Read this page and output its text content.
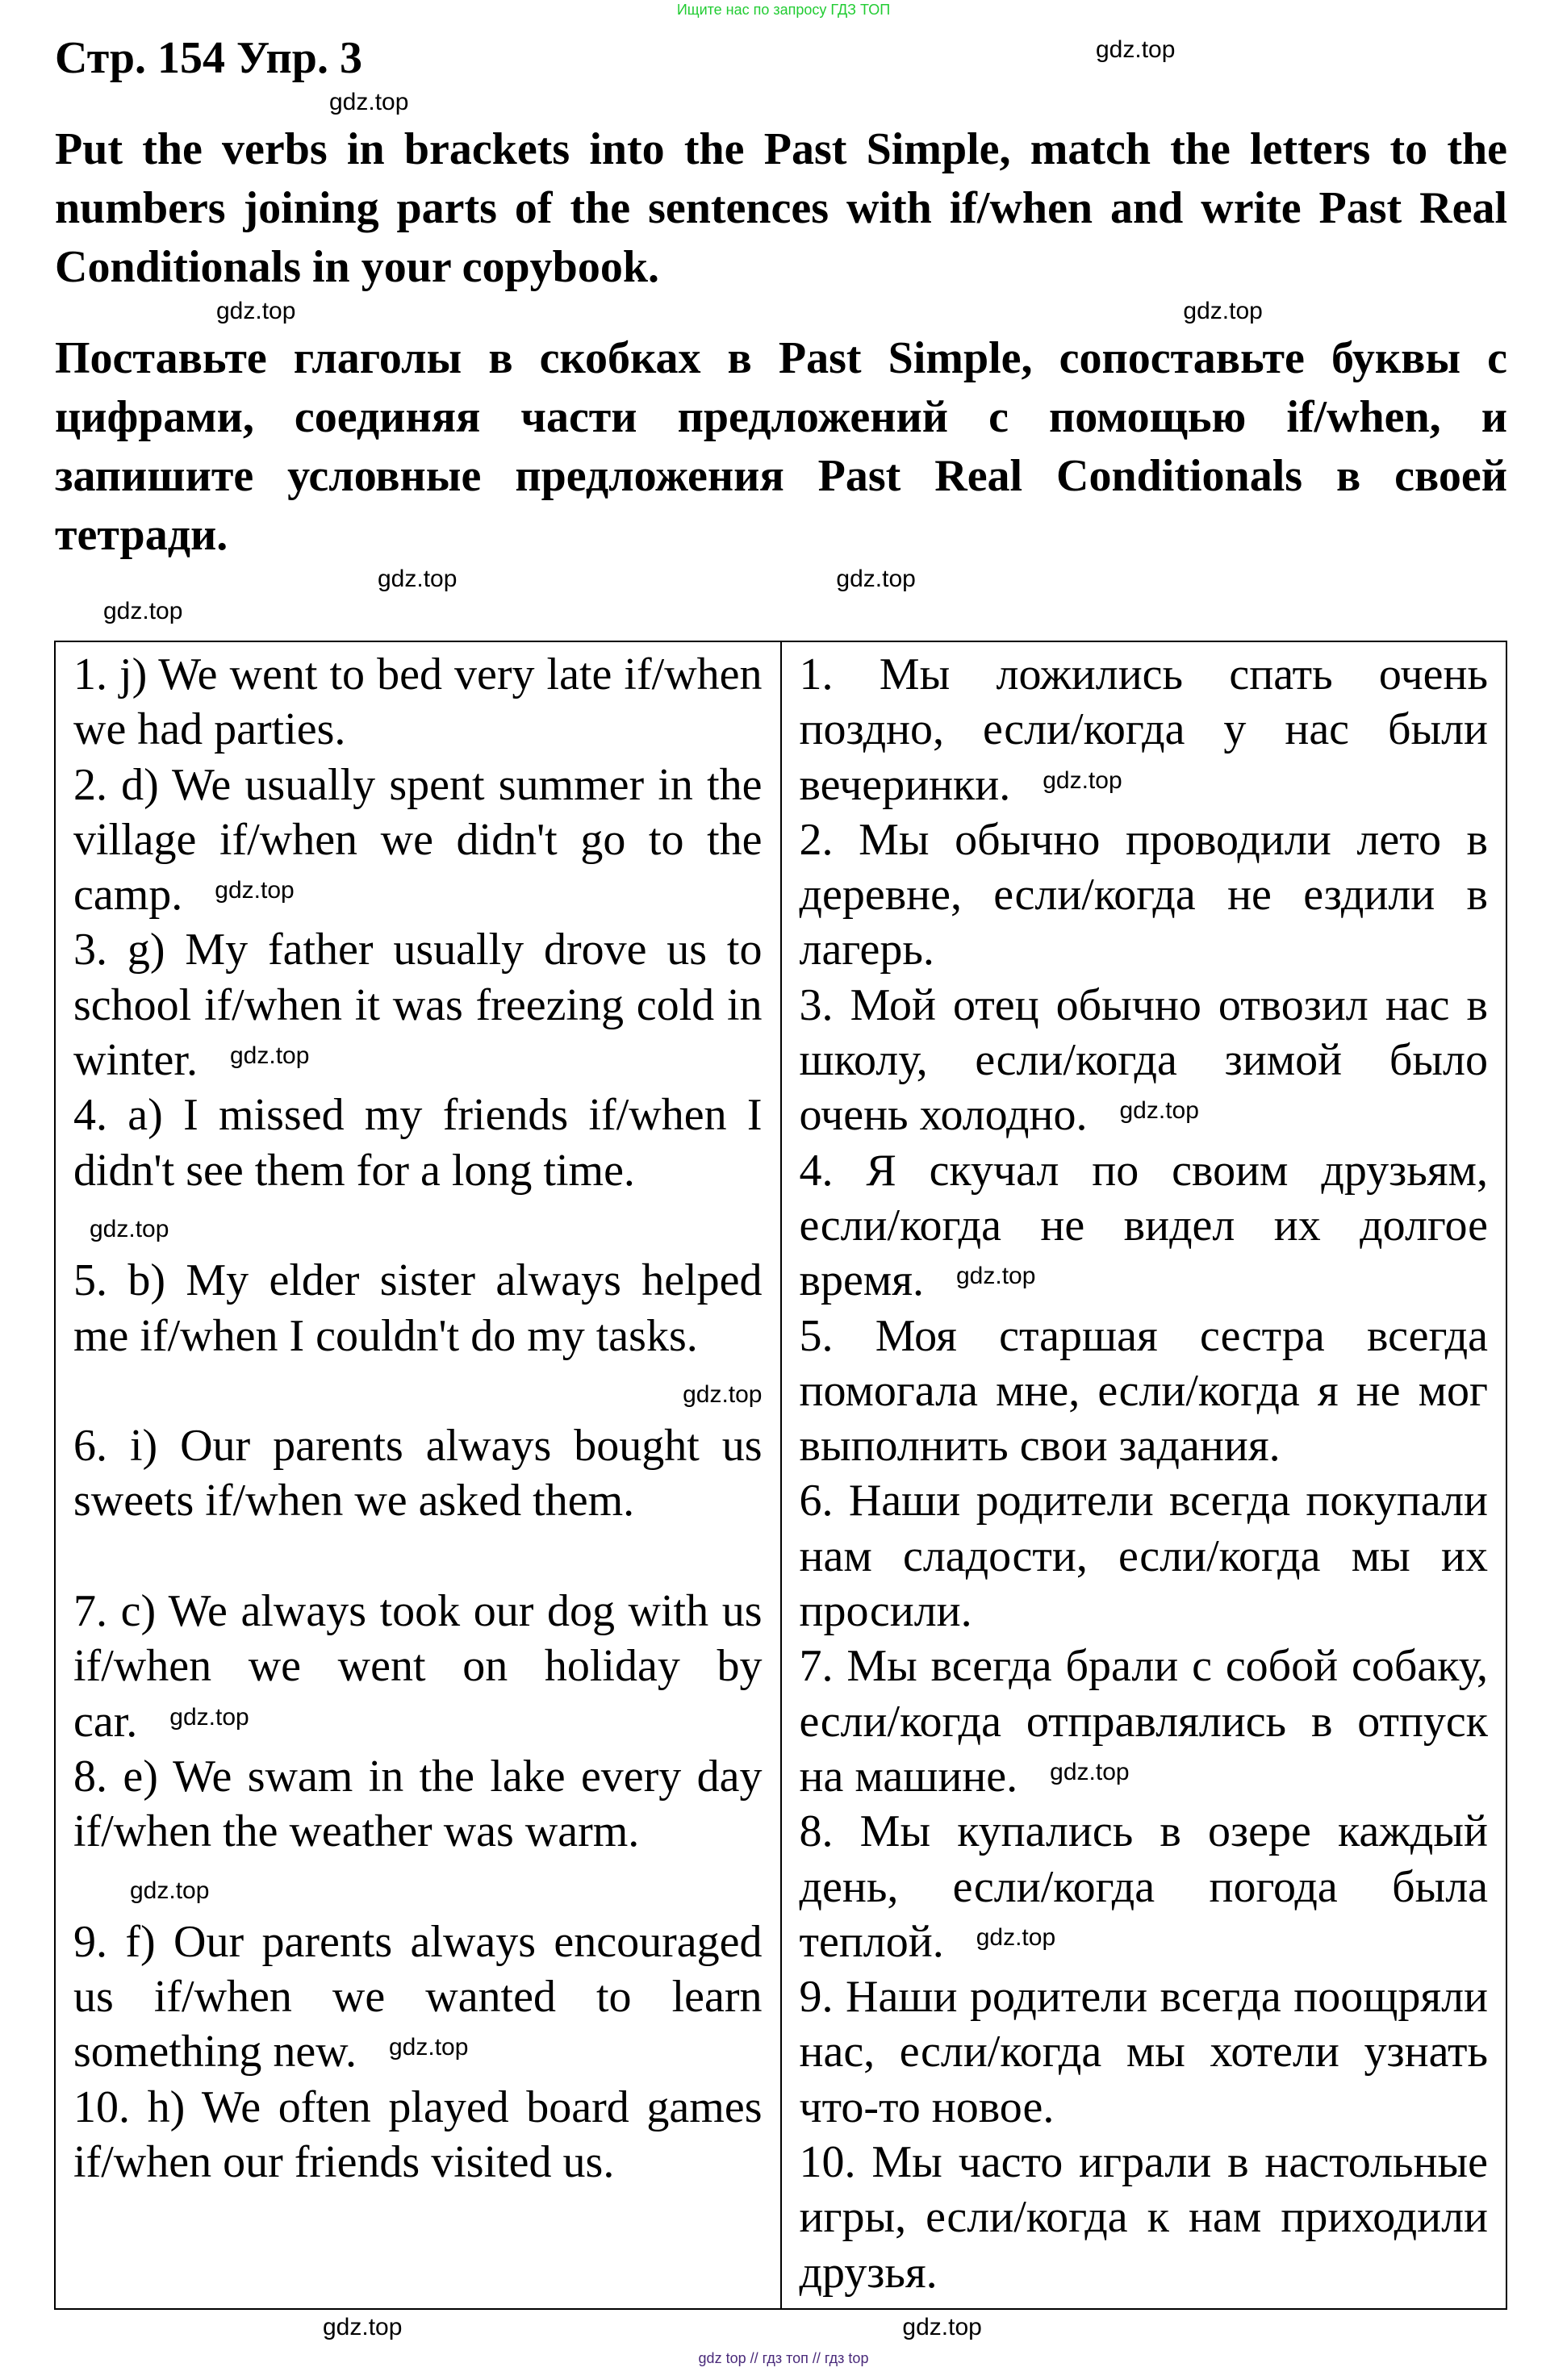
Ищите нас по запросу ГДЗ ТОП
Стр. 154 Упр. 3	gdz.top
gdz.top
Put the verbs in brackets into the Past Simple, match the letters to the numbers joining parts of the sentences with if/when and write Past Real Conditionals in your copybook.
gdz.top	gdz.top
Поставьте глаголы в скобках в Past Simple, сопоставьте буквы с цифрами, соединяя части предложений с помощью if/when, и запишите условные предложения Past Real Conditionals в своей тетради.
gdz.top	gdz.top
gdz.top
1. j) We went to bed very late if/when we had parties.
2. d) We usually spent summer in the village if/when we didn't go to the camp. $^{gdz.top}$
3. g) My father usually drove us to school if/when it was freezing cold in winter. $^{gdz.top}$
4. a) I missed my friends if/when I didn't see them for a long time.
gdz.top
5. b) My elder sister always helped me if/when I couldn't do my tasks.
gdz.top
6. i) Our parents always bought us sweets if/when we asked them.
7. c) We always took our dog with us if/when we went on holiday by car. $^{gdz.top}$
8. e) We swam in the lake every day if/when the weather was warm.
gdz.top
9. f) Our parents always encouraged us if/when we wanted to learn something new. $^{gdz.top}$
10. h) We often played board games if/when our friends visited us.

1. Мы ложились спать очень поздно, если/когда у нас были вечеринки. $^{gdz.top}$
2. Мы обычно проводили лето в деревне, если/когда не ездили в лагерь.
3. Мой отец обычно отвозил нас в школу, если/когда зимой было очень холодно. $^{gdz.top}$
4. Я скучал по своим друзьям, если/когда не видел их долгое время. $^{gdz.top}$
5. Моя старшая сестра всегда помогала мне, если/когда я не мог выполнить свои задания.
6. Наши родители всегда покупали нам сладости, если/когда мы их просили.
7. Мы всегда брали с собой собаку, если/когда отправлялись в отпуск на машине. $^{gdz.top}$
8. Мы купались в озере каждый день, если/когда погода была теплой. $^{gdz.top}$
9. Наши родители всегда поощряли нас, если/когда мы хотели узнать что-то новое.
10. Мы часто играли в настольные игры, если/когда к нам приходили друзья.
gdz.top	gdz.top
gdz top // гдз топ // гдз top
